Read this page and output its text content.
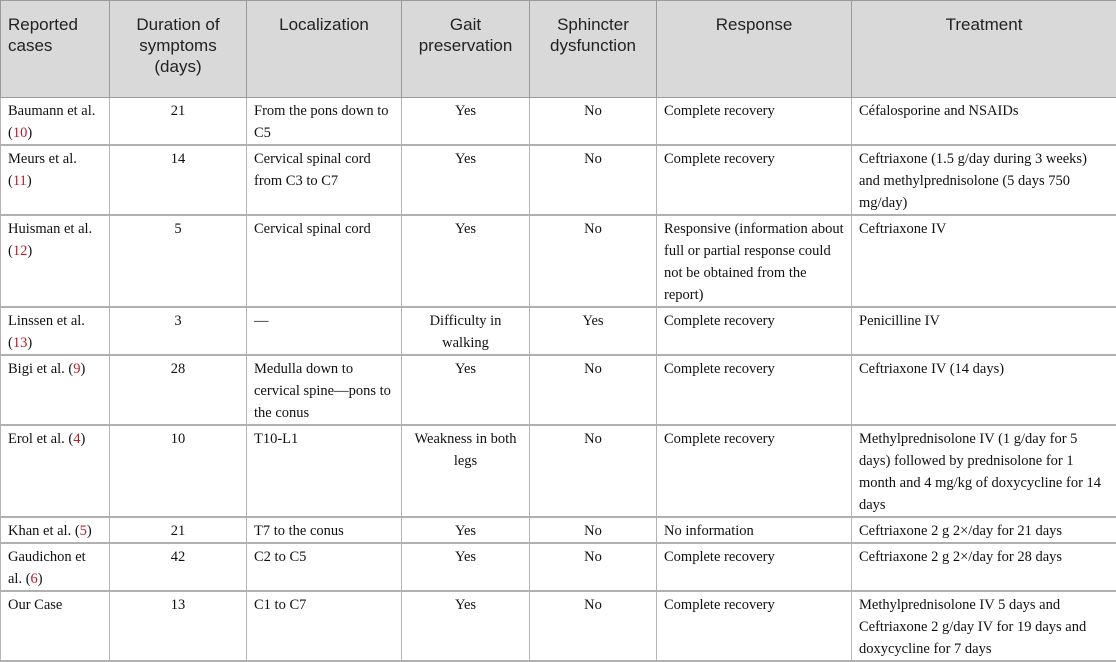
Reported cases	Duration of symptoms (days)	Localization	Gait preservation	Sphincter dysfunction	Response	Treatment
Baumann et al. (10)	21	From the pons down to C5	Yes	No	Complete recovery	Céfalosporine and NSAIDs
Meurs et al. (11)	14	Cervical spinal cord from C3 to C7	Yes	No	Complete recovery	Ceftriaxone (1.5 g/day during 3 weeks) and methylprednisolone (5 days 750 mg/day)
Huisman et al. (12)	5	Cervical spinal cord	Yes	No	Responsive (information about full or partial response could not be obtained from the report)	Ceftriaxone IV
Linssen et al. (13)	3	—	Difficulty in walking	Yes	Complete recovery	Penicilline IV
Bigi et al. (9)	28	Medulla down to cervical spine—pons to the conus	Yes	No	Complete recovery	Ceftriaxone IV (14 days)
Erol et al. (4)	10	T10-L1	Weakness in both legs	No	Complete recovery	Methylprednisolone IV (1 g/day for 5 days) followed by prednisolone for 1 month and 4 mg/kg of doxycycline for 14 days
Khan et al. (5)	21	T7 to the conus	Yes	No	No information	Ceftriaxone 2 g 2×/day for 21 days
Gaudichon et al. (6)	42	C2 to C5	Yes	No	Complete recovery	Ceftriaxone 2 g 2×/day for 28 days
Our Case	13	C1 to C7	Yes	No	Complete recovery	Methylprednisolone IV 5 days and Ceftriaxone 2 g/day IV for 19 days and doxycycline for 7 days
